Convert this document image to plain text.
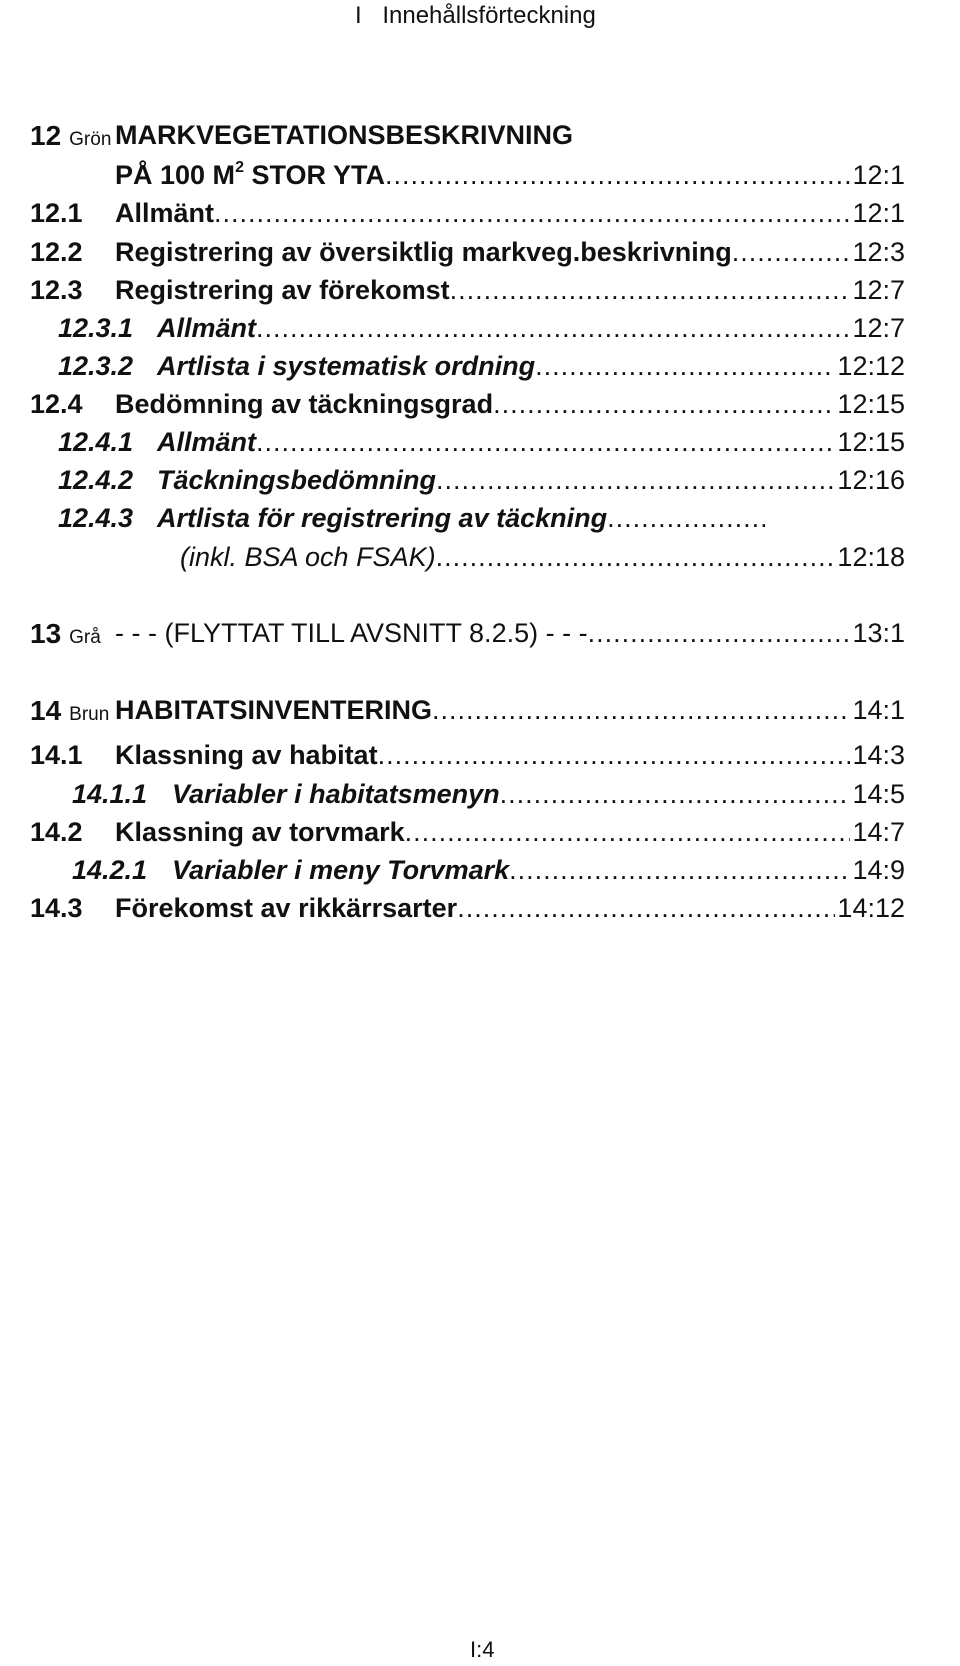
I Innehållsförteckning
12 Grön MARKVEGETATIONSBESKRIVNING
PÅ 100 $M^2$ STOR YTA .....	12:1
12.1 Allmänt .....	12:1
12.2 Registrering av översiktlig markveg.beskrivning .....	12:3
12.3 Registrering av förekomst .....	12:7
12.3.1 Allmänt .....	12:7
12.3.2 Artlista i systematisk ordning .....	12:12
12.4 Bedömning av täckningsgrad .....	12:15
12.4.1 Allmänt .....	12:15
12.4.2 Täckningsbedömning .....	12:16
12.4.3 Artlista för registrering av täckning
.....
(inkl. BSA och FSAK) .....	12:18
13 Grå - - - (FLYTTAT TILL AVSNITT 8.2.5) - - - .....	13:1
14 Brun HABITATSINVENTERING .....	14:1
14.1 Klassning av habitat .....	14:3
14.1.1 Variabler i habitatsmenyn .....	14:5
14.2 Klassning av torvmark .....	14:7
14.2.1 Variabler i meny Torvmark .....	14:9
14.3 Förekomst av rikkärrsarter .....	14:12
I:4
